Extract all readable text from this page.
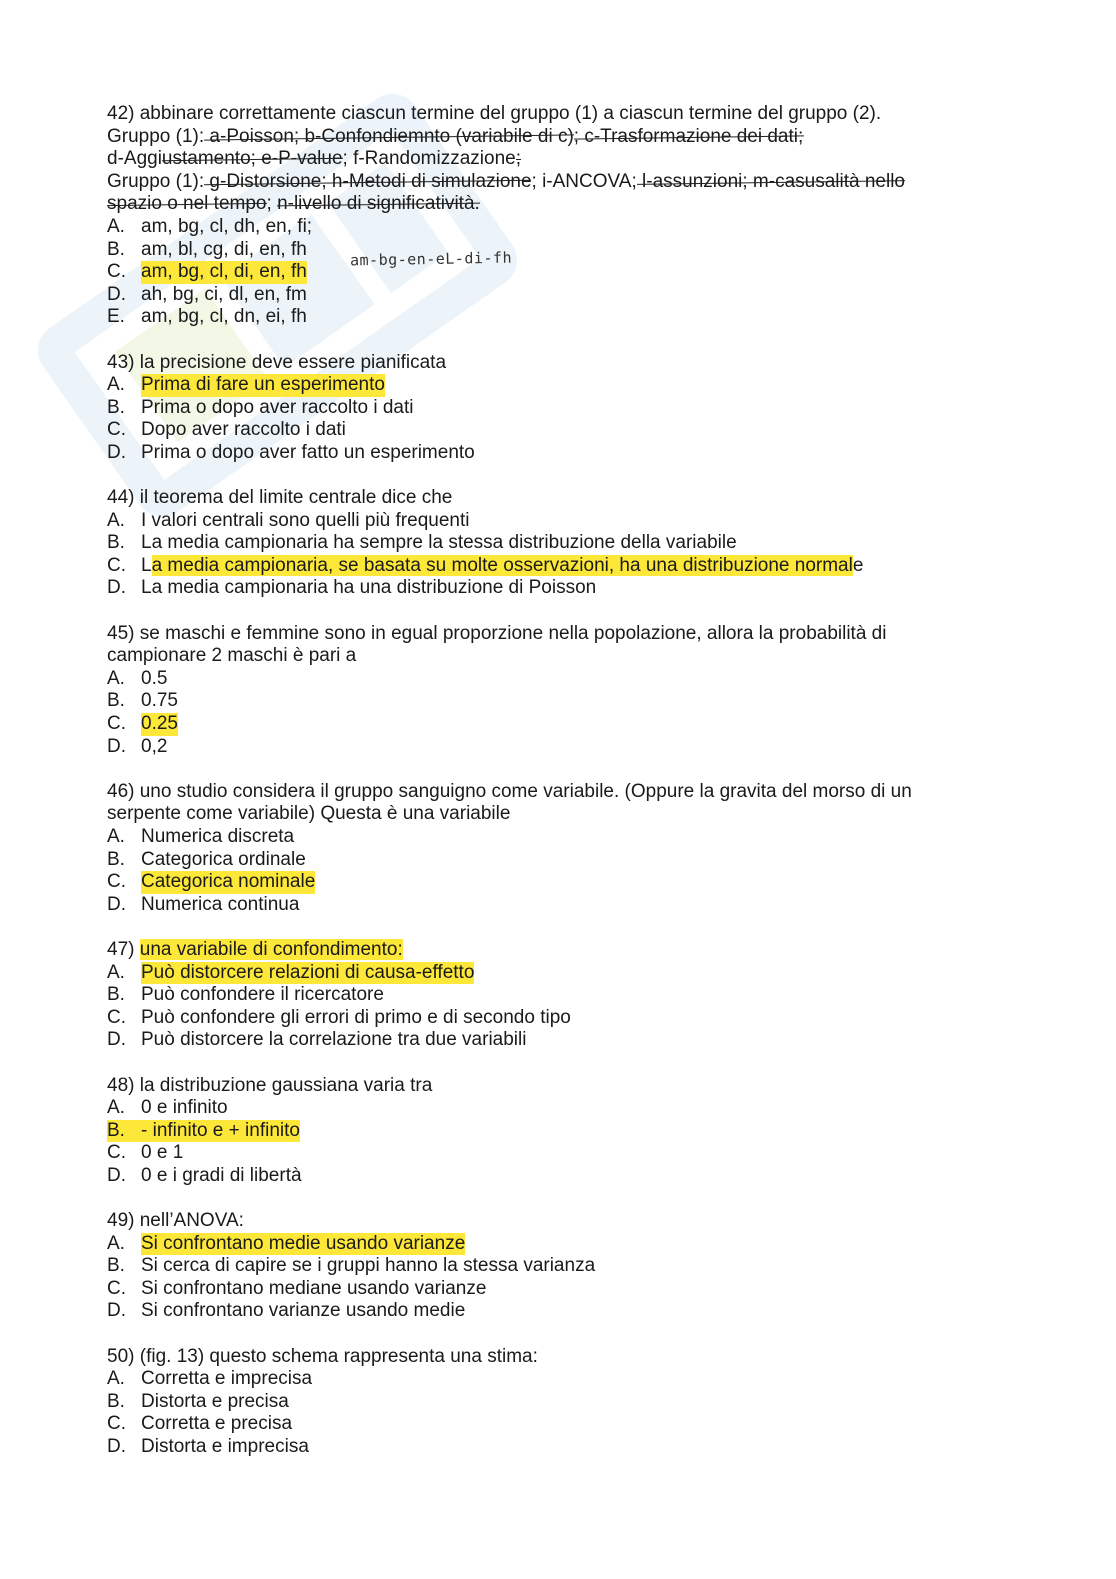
am-bg-en-eL-di-fh
42) abbinare correttamente ciascun termine del gruppo (1) a ciascun termine del gruppo (2).
Gruppo (1): a-Poisson; b-Confondiemnto (variabile di c); c-Trasformazione dei dati;
d-Aggiustamento; e-P-value; f-Randomizzazione;
Gruppo (1): g-Distorsione; h-Metodi di simulazione; i-ANCOVA; l-assunzioni; m-casusalità nello
spazio o nel tempo; n-livello di significatività.
A. am, bg, cl, dh, en, fi;
B. am, bl, cg, di, en, fh
C. am, bg, cl, di, en, fh
D. ah, bg, ci, dl, en, fm
E. am, bg, cl, dn, ei, fh
43) la precisione deve essere pianificata
A. Prima di fare un esperimento
B. Prima o dopo aver raccolto i dati
C. Dopo aver raccolto i dati
D. Prima o dopo aver fatto un esperimento
44) il teorema del limite centrale dice che
A. I valori centrali sono quelli più frequenti
B. La media campionaria ha sempre la stessa distribuzione della variabile
C. La media campionaria, se basata su molte osservazioni, ha una distribuzione normale
D. La media campionaria ha una distribuzione di Poisson
45) se maschi e femmine sono in egual proporzione nella popolazione, allora la probabilità di
campionare 2 maschi è pari a
A. 0.5
B. 0.75
C. 0.25
D. 0,2
46) uno studio considera il gruppo sanguigno come variabile. (Oppure la gravita del morso di un
serpente come variabile) Questa è una variabile
A. Numerica discreta
B. Categorica ordinale
C. Categorica nominale
D. Numerica continua
47) una variabile di confondimento:
A. Può distorcere relazioni di causa-effetto
B. Può confondere il ricercatore
C. Può confondere gli errori di primo e di secondo tipo
D. Può distorcere la correlazione tra due variabili
48) la distribuzione gaussiana varia tra
A. 0 e infinito
B. - infinito e + infinito
C. 0 e 1
D. 0 e i gradi di libertà
49) nell’ANOVA:
A. Si confrontano medie usando varianze
B. Si cerca di capire se i gruppi hanno la stessa varianza
C. Si confrontano mediane usando varianze
D. Si confrontano varianze usando medie
50) (fig. 13) questo schema rappresenta una stima:
A. Corretta e imprecisa
B. Distorta e precisa
C. Corretta e precisa
D. Distorta e imprecisa
